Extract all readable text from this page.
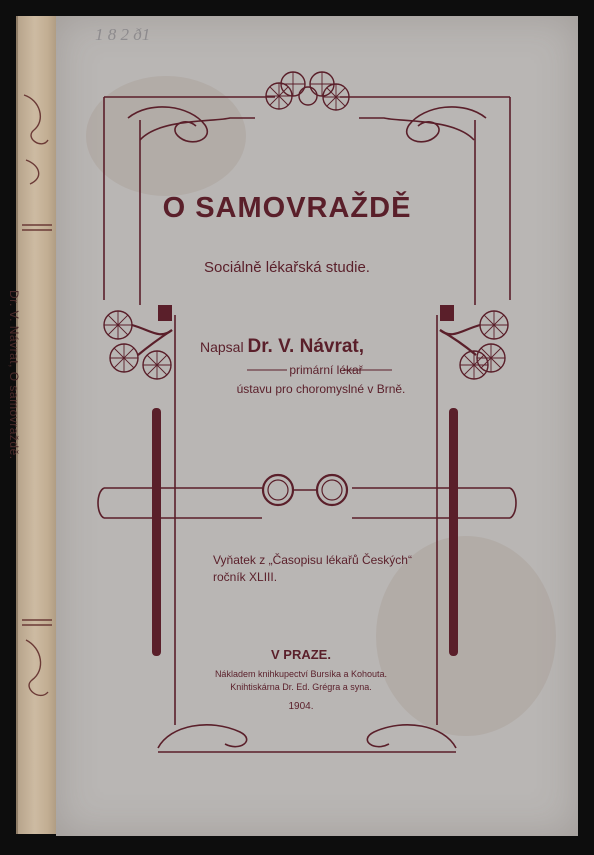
Dr. V. Návrat, O samovraždě.
1 8 2 ð1
O SAMOVRAŽDĚ

Sociálně lékařská studie.

Napsal Dr. V. Návrat,
primární lékař
ústavu pro choromyslné v Brně.
Vyňatek z „Časopisu lékařů Českých“
ročník XLIII.

V PRAZE.

Nákladem knihkupectví Bursíka a Kohouta.
Knihtiskárna Dr. Ed. Grégra a syna.
1904.
